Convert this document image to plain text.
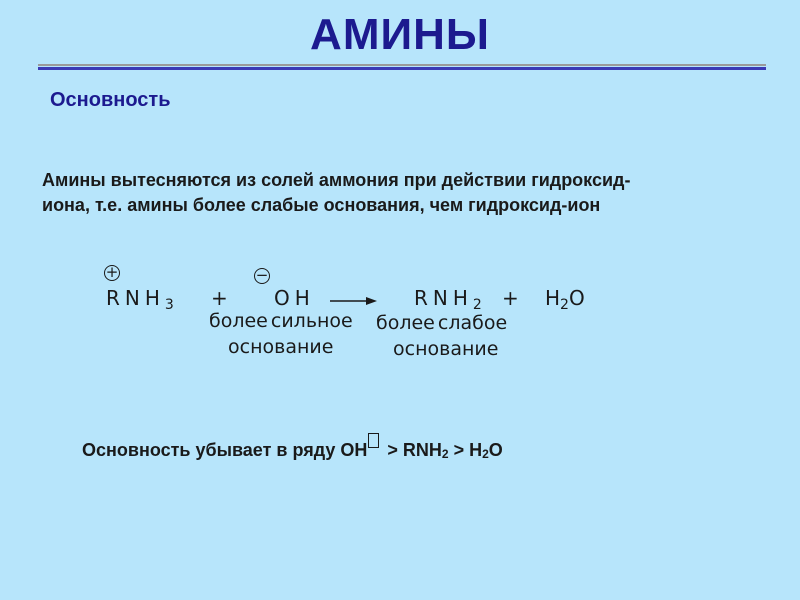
АМИНЫ
Основность
Амины вытесняются из солей аммония при действии гидроксид-
иона, т.е. амины более слабые основания, чем гидроксид-ион
+
$RNH_3$ +
−
OH → $RNH_2 + H_2O$
более сильное
основание
более слабое
основание
Основность убывает в ряду OH > $RNH_2 > H_2O$
